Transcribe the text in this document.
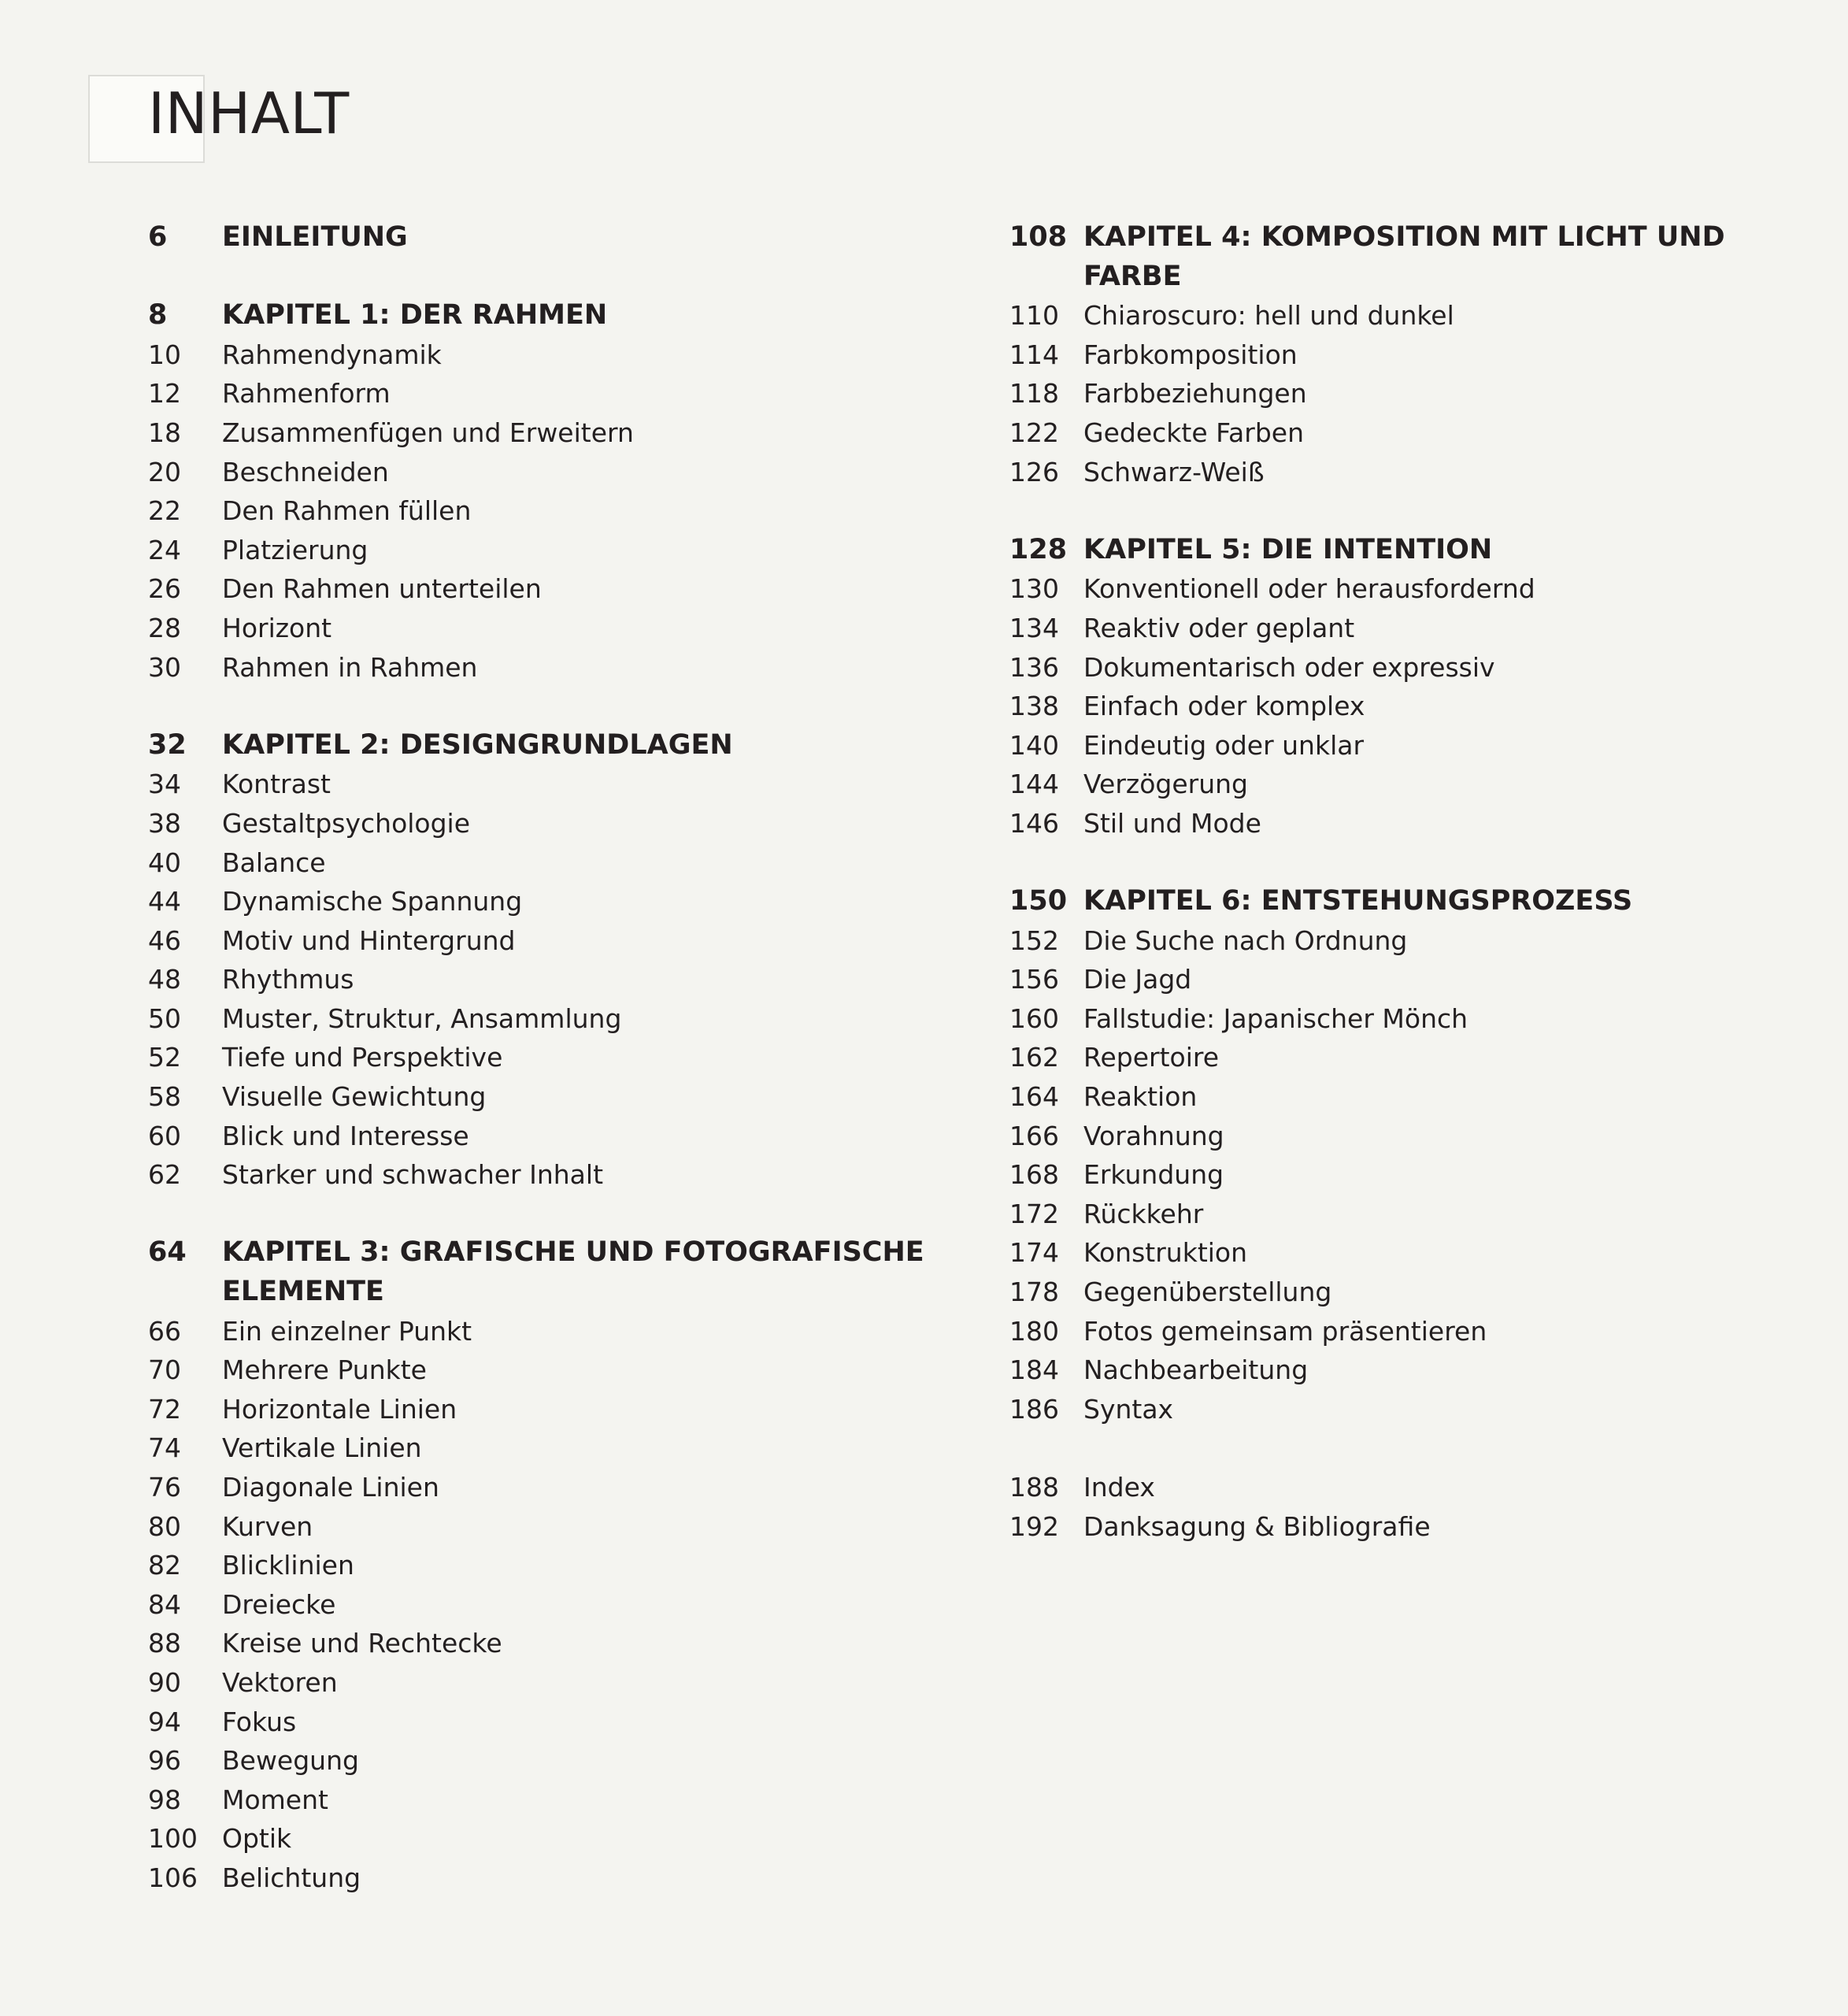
INHALT
6	EINLEITUNG
8	KAPITEL 1: DER RAHMEN
10	Rahmendynamik
12	Rahmenform
18	Zusammenfügen und Erweitern
20	Beschneiden
22	Den Rahmen füllen
24	Platzierung
26	Den Rahmen unterteilen
28	Horizont
30	Rahmen in Rahmen
32	KAPITEL 2: DESIGNGRUNDLAGEN
34	Kontrast
38	Gestaltpsychologie
40	Balance
44	Dynamische Spannung
46	Motiv und Hintergrund
48	Rhythmus
50	Muster, Struktur, Ansammlung
52	Tiefe und Perspektive
58	Visuelle Gewichtung
60	Blick und Interesse
62	Starker und schwacher Inhalt
64	KAPITEL 3: GRAFISCHE UND FOTOGRAFISCHE ELEMENTE
66	Ein einzelner Punkt
70	Mehrere Punkte
72	Horizontale Linien
74	Vertikale Linien
76	Diagonale Linien
80	Kurven
82	Blicklinien
84	Dreiecke
88	Kreise und Rechtecke
90	Vektoren
94	Fokus
96	Bewegung
98	Moment
100 Optik
106 Belichtung
108 KAPITEL 4: KOMPOSITION MIT LICHT UND FARBE
110 Chiaroscuro: hell und dunkel
114 Farbkomposition
118 Farbbeziehungen
122 Gedeckte Farben
126 Schwarz-Weiß
128 KAPITEL 5: DIE INTENTION
130 Konventionell oder herausfordernd
134 Reaktiv oder geplant
136 Dokumentarisch oder expressiv
138 Einfach oder komplex
140 Eindeutig oder unklar
144 Verzögerung
146 Stil und Mode
150 KAPITEL 6: ENTSTEHUNGSPROZESS
152 Die Suche nach Ordnung
156 Die Jagd
160 Fallstudie: Japanischer Mönch
162 Repertoire
164 Reaktion
166 Vorahnung
168 Erkundung
172 Rückkehr
174 Konstruktion
178 Gegenüberstellung
180 Fotos gemeinsam präsentieren
184 Nachbearbeitung
186 Syntax
188 Index
192 Danksagung & Bibliografie
